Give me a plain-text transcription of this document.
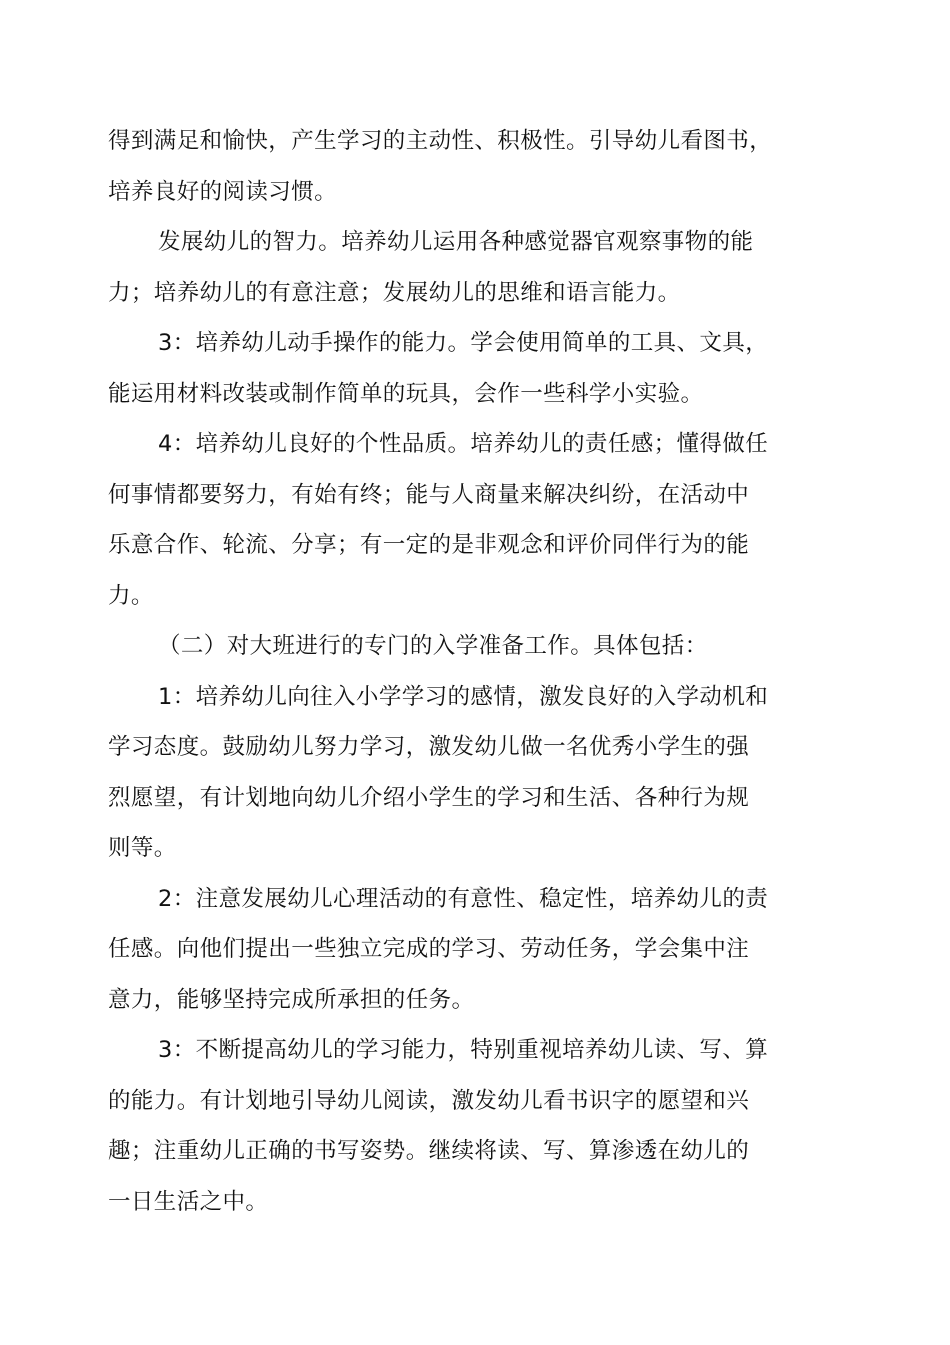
得到满足和愉快，产生学习的主动性、积极性。引导幼儿看图书，
培养良好的阅读习惯。
发展幼儿的智力。培养幼儿运用各种感觉器官观察事物的能
力；培养幼儿的有意注意；发展幼儿的思维和语言能力。
3：培养幼儿动手操作的能力。学会使用简单的工具、文具，
能运用材料改装或制作简单的玩具，会作一些科学小实验。
4：培养幼儿良好的个性品质。培养幼儿的责任感；懂得做任
何事情都要努力，有始有终；能与人商量来解决纠纷，在活动中
乐意合作、轮流、分享；有一定的是非观念和评价同伴行为的能
力。
（二）对大班进行的专门的入学准备工作。具体包括：
1：培养幼儿向往入小学学习的感情，激发良好的入学动机和
学习态度。鼓励幼儿努力学习，激发幼儿做一名优秀小学生的强
烈愿望，有计划地向幼儿介绍小学生的学习和生活、各种行为规
则等。
2：注意发展幼儿心理活动的有意性、稳定性，培养幼儿的责
任感。向他们提出一些独立完成的学习、劳动任务，学会集中注
意力，能够坚持完成所承担的任务。
3：不断提高幼儿的学习能力，特别重视培养幼儿读、写、算
的能力。有计划地引导幼儿阅读，激发幼儿看书识字的愿望和兴
趣；注重幼儿正确的书写姿势。继续将读、写、算渗透在幼儿的
一日生活之中。
